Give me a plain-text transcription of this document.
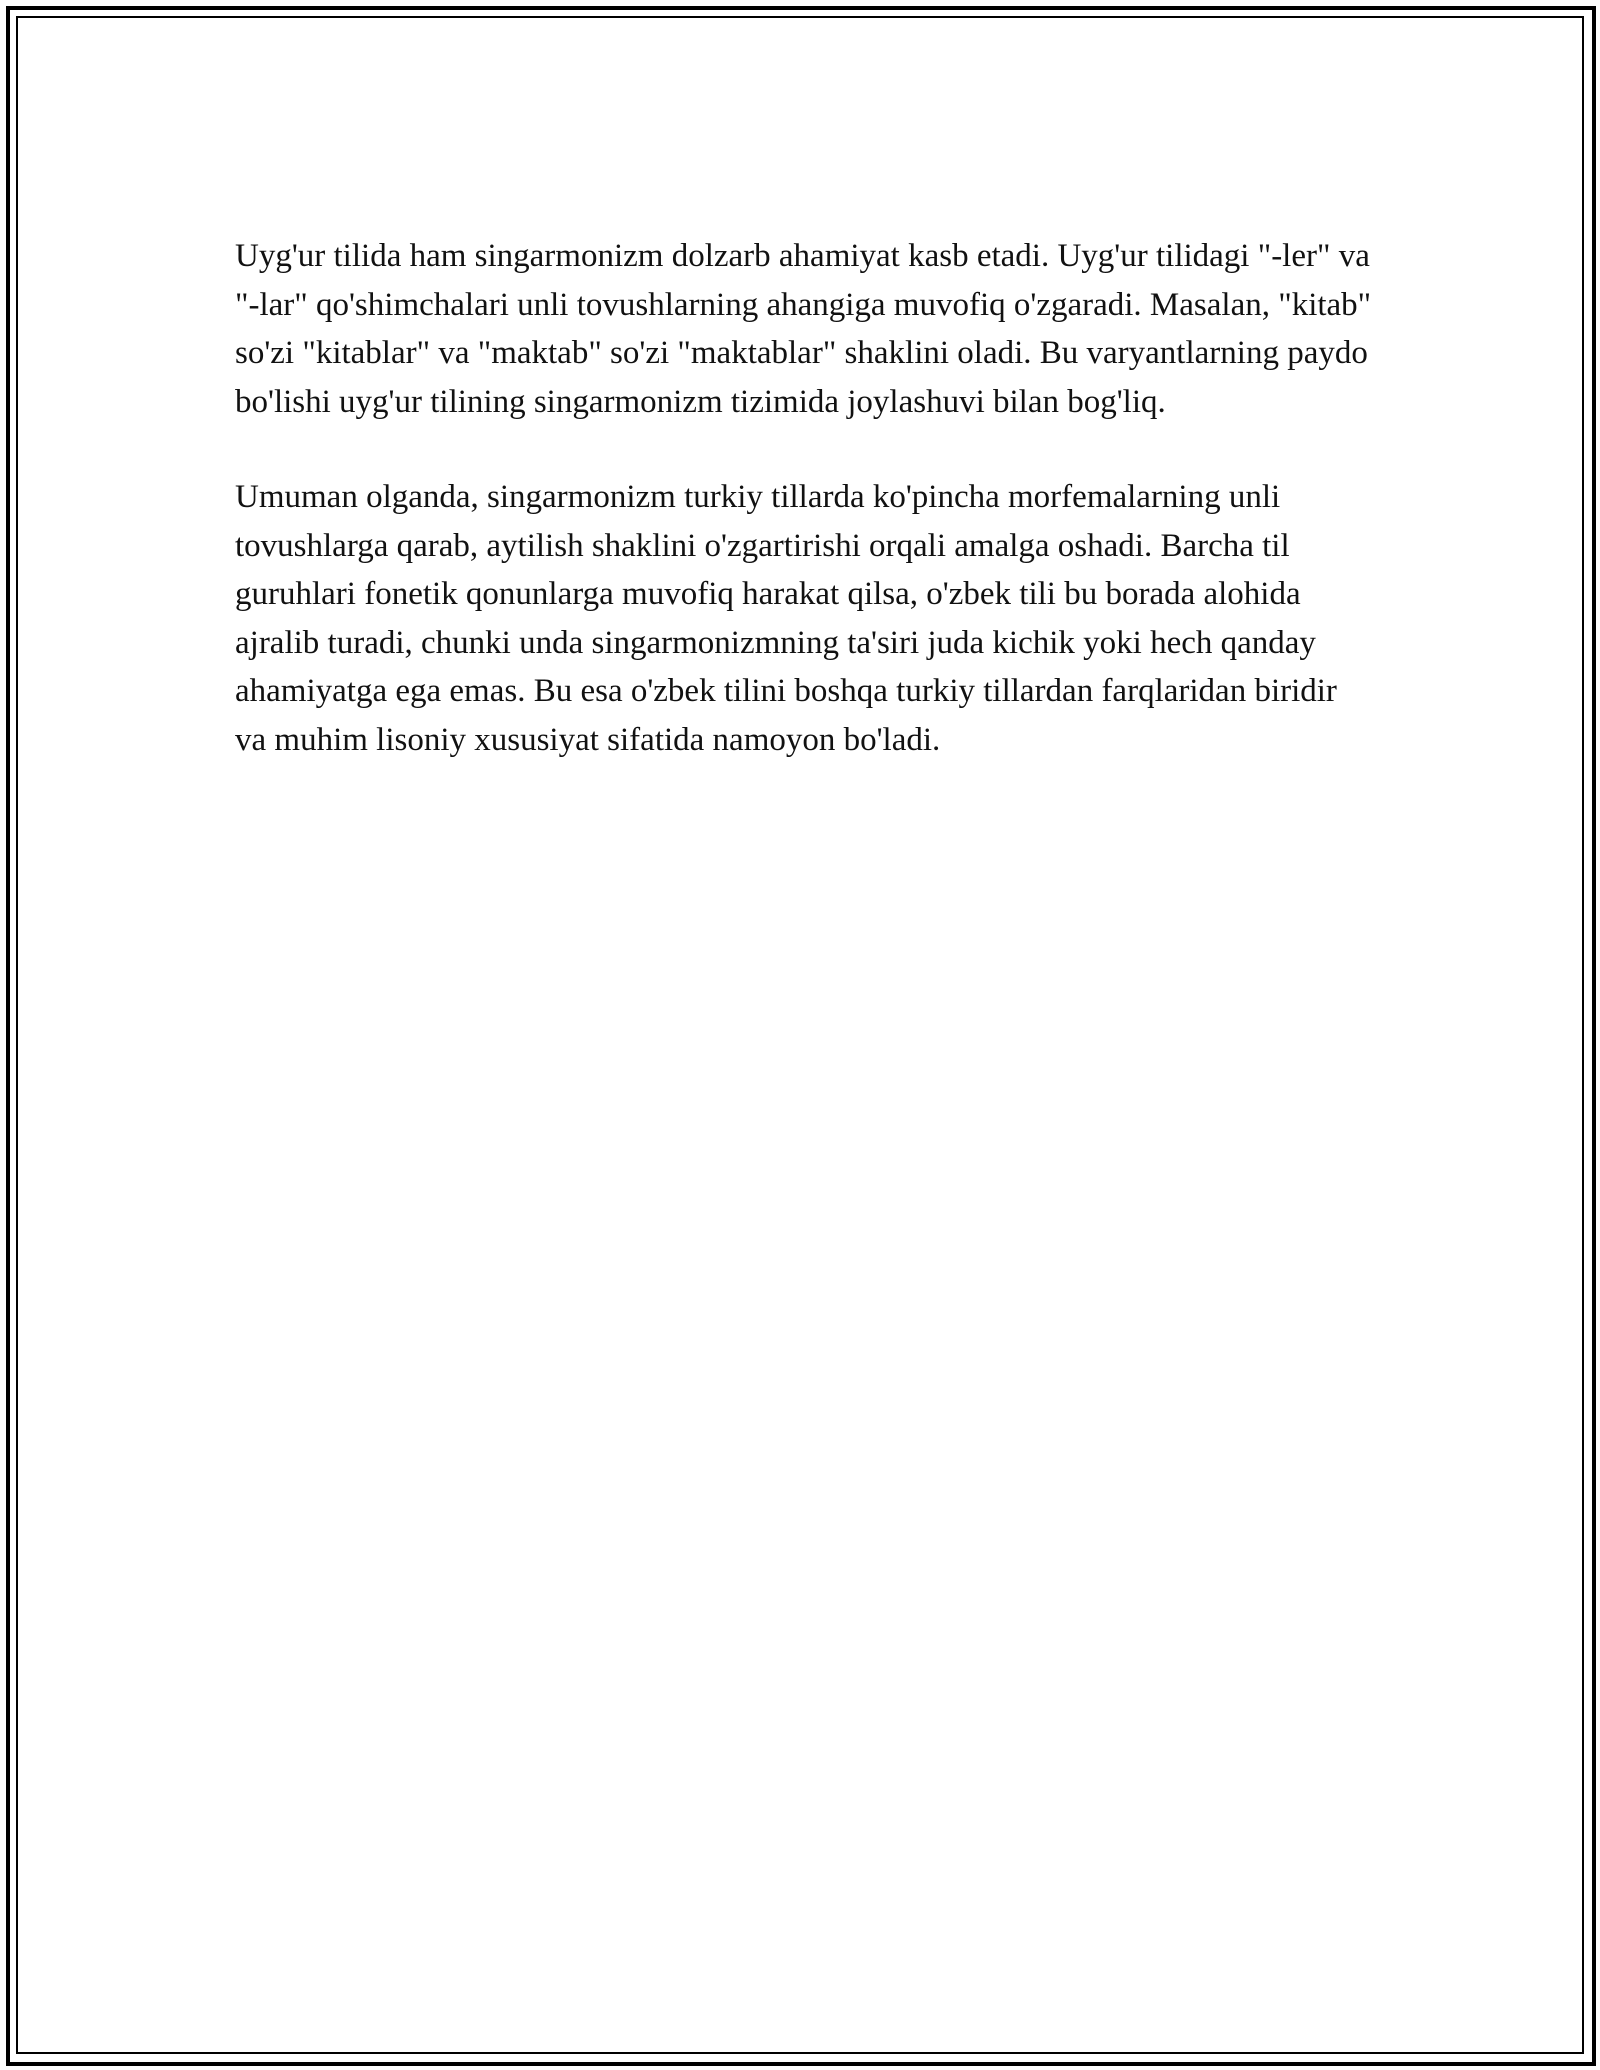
Uyg'ur tilida ham singarmonizm dolzarb ahamiyat kasb etadi. Uyg'ur tilidagi "-ler" va "-lar" qo'shimchalari unli tovushlarning ahangiga muvofiq o'zgaradi. Masalan, "kitab" so'zi "kitablar" va "maktab" so'zi "maktablar" shaklini oladi. Bu varyantlarning paydo bo'lishi uyg'ur tilining singarmonizm tizimida joylashuvi bilan bog'liq.

Umuman olganda, singarmonizm turkiy tillarda ko'pincha morfemalarning unli tovushlarga qarab, aytilish shaklini o'zgartirishi orqali amalga oshadi. Barcha til guruhlari fonetik qonunlarga muvofiq harakat qilsa, o'zbek tili bu borada alohida ajralib turadi, chunki unda singarmonizmning ta'siri juda kichik yoki hech qanday ahamiyatga ega emas. Bu esa o'zbek tilini boshqa turkiy tillardan farqlaridan biridir va muhim lisoniy xususiyat sifatida namoyon bo'ladi.
